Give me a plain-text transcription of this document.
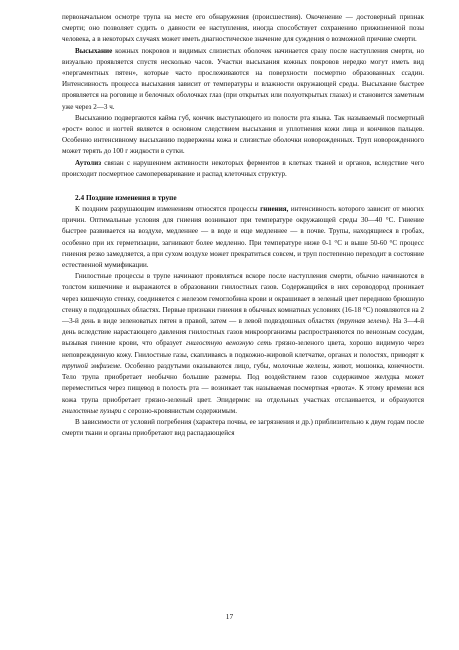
первоначальном осмотре трупа на месте его обнаружения (происшествия). Окоченение — достоверный признак смерти; оно позволяет судить о давности ее наступления, иногда способствует сохранению прижизненной позы человека, а в некоторых случаях может иметь диагностическое значение для суждения о возможной причине смерти.

Высыхание кожных покровов и видимых слизистых оболочек начинается сразу после наступления смерти, но визуально проявляется спустя несколько часов. Участки высыхания кожных покровов нередко могут иметь вид «пергаментных пятен», которые часто прослеживаются на поверхности посмертно образованных ссадин. Интенсивность процесса высыхания зависит от температуры и влажности окружающей среды. Высыхание быстрее проявляется на роговице и белочных оболочках глаз (при открытых или полуоткрытых глазах) и становится заметным уже через 2—3 ч.

Высыханию подвергаются кайма губ, кончик выступающего из полости рта языка. Так называемый посмертный «рост» волос и ногтей является в основном следствием высыхания и уплотнения кожи лица и кончиков пальцев. Особенно интенсивному высыханию подвержены кожа и слизистые оболочки новорожденных. Труп новорожденного может терять до 100 г жидкости в сутки.

Аутолиз связан с нарушением активности некоторых ферментов в клетках тканей и органов, вследствие чего происходит посмертное самопереваривание и распад клеточных структур.

2.4 Поздние изменения в трупе

К поздним разрушающим изменениям относятся процессы гниения, интенсивность которого зависит от многих причин. Оптимальные условия для гниения возникают при температуре окружающей среды 30—40 °С. Гниение быстрее развивается на воздухе, медленнее — в воде и еще медленнее — в почве. Трупы, находящиеся в гробах, особенно при их герметизации, загнивают более медленно. При температуре ниже 0-1 °С и выше 50-60 °С процесс гниения резко замедляется, а при сухом воздухе может прекратиться совсем, и труп постепенно переходит в состояние естественной мумификации.

Гнилостные процессы в трупе начинают проявляться вскоре после наступления смерти, обычно начинаются в толстом кишечнике и выражаются в образовании гнилостных газов. Содержащийся в них сероводород проникает через кишечную стенку, соединяется с железом гемоглобина крови и окрашивает в зеленый цвет переднюю брюшную стенку в подвздошных областях. Первые признаки гниения в обычных комнатных условиях (16-18 °С) появляются на 2—3-й день в виде зеленоватых пятен в правой, затем — в левой подвздошных областях (трупная зелень). На 3—4-й день вследствие нарастающего давления гнилостных газов микроорганизмы распространяются по венозным сосудам, вызывая гниение крови, что образует гнилостную венозную сеть грязно-зеленого цвета, хорошо видимую через неповрежденную кожу. Гнилостные газы, скапливаясь в подкожно-жировой клетчатке, органах и полостях, приводят к трупной эмфиземе. Особенно раздутыми оказываются лицо, губы, молочные железы, живот, мошонка, конечности. Тело трупа приобретает необычно большие размеры. Под воздействием газов содержимое желудка может переместиться через пищевод в полость рта — возникает так называемая посмертная «рвота». К этому времени вся кожа трупа приобретает грязно-зеленый цвет. Эпидермис на отдельных участках отслаивается, и образуются гнилостные пузыри с серозно-кровянистым содержимым.

В зависимости от условий погребения (характера почвы, ее загрязнения и др.) приблизительно к двум годам после смерти ткани и органы приобретают вид распадающейся

17
